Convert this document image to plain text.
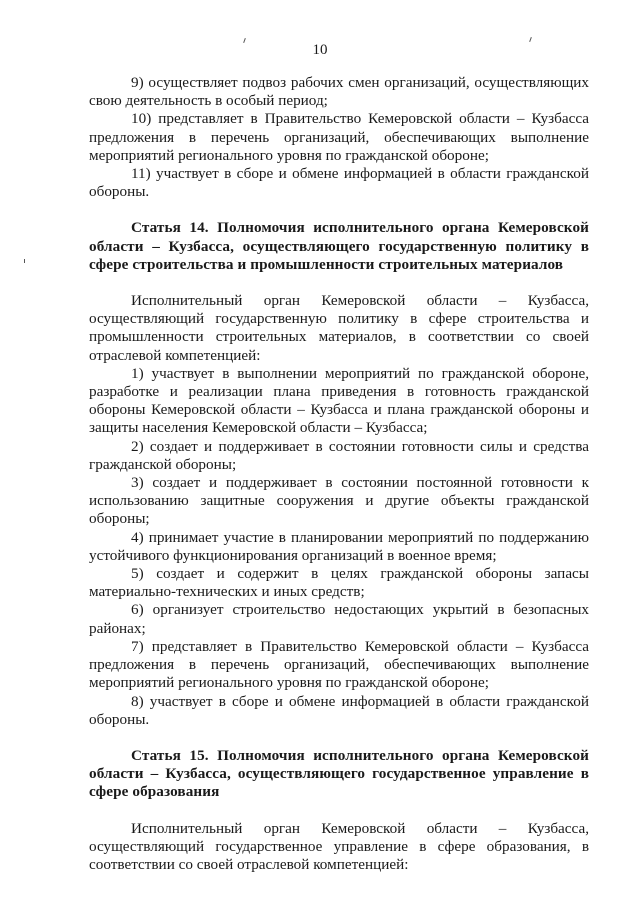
10

9) осуществляет подвоз рабочих смен организаций, осуществляющих свою деятельность в особый период;

10) представляет в Правительство Кемеровской области – Кузбасса предложения в перечень организаций, обеспечивающих выполнение мероприятий регионального уровня по гражданской обороне;

11) участвует в сборе и обмене информацией в области гражданской обороны.

Статья 14. Полномочия исполнительного органа Кемеровской области – Кузбасса, осуществляющего государственную политику в сфере строительства и промышленности строительных материалов

Исполнительный орган Кемеровской области – Кузбасса, осуществляющий государственную политику в сфере строительства и промышленности строительных материалов, в соответствии со своей отраслевой компетенцией:

1) участвует в выполнении мероприятий по гражданской обороне, разработке и реализации плана приведения в готовность гражданской обороны Кемеровской области – Кузбасса и плана гражданской обороны и защиты населения Кемеровской области – Кузбасса;

2) создает и поддерживает в состоянии готовности силы и средства гражданской обороны;

3) создает и поддерживает в состоянии постоянной готовности к использованию защитные сооружения и другие объекты гражданской обороны;

4) принимает участие в планировании мероприятий по поддержанию устойчивого функционирования организаций в военное время;

5) создает и содержит в целях гражданской обороны запасы материально-технических и иных средств;

6) организует строительство недостающих укрытий в безопасных районах;

7) представляет в Правительство Кемеровской области – Кузбасса предложения в перечень организаций, обеспечивающих выполнение мероприятий регионального уровня по гражданской обороне;

8) участвует в сборе и обмене информацией в области гражданской обороны.

Статья 15. Полномочия исполнительного органа Кемеровской области – Кузбасса, осуществляющего государственное управление в сфере образования

Исполнительный орган Кемеровской области – Кузбасса, осуществляющий государственное управление в сфере образования, в соответствии со своей отраслевой компетенцией:
